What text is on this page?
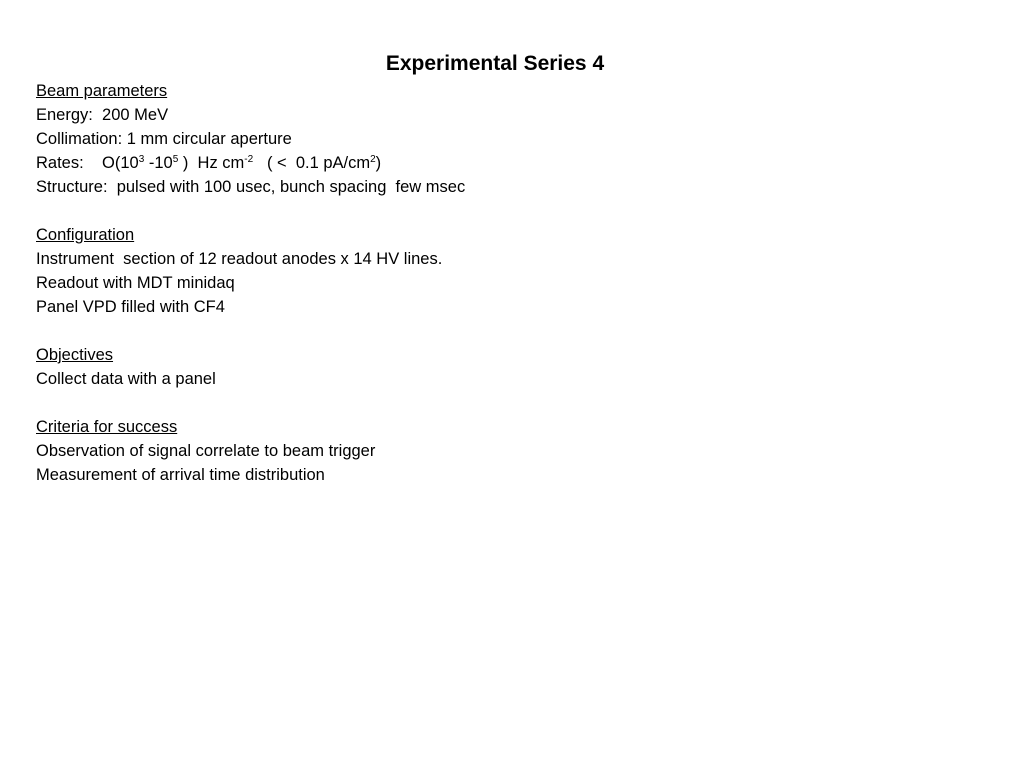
Experimental Series 4
Beam parameters
Energy:  200 MeV
Collimation: 1 mm circular aperture
Rates:    $O(10^3$ $-10^5$ )  Hz $cm^{-2}$   ( <  0.1 $pA/cm^2$)
Structure:  pulsed with 100 usec, bunch spacing  few msec
Configuration
Instrument  section of 12 readout anodes x 14 HV lines.
Readout with MDT minidaq
Panel VPD filled with CF4
Objectives
Collect data with a panel
Criteria for success
Observation of signal correlate to beam trigger
Measurement of arrival time distribution
